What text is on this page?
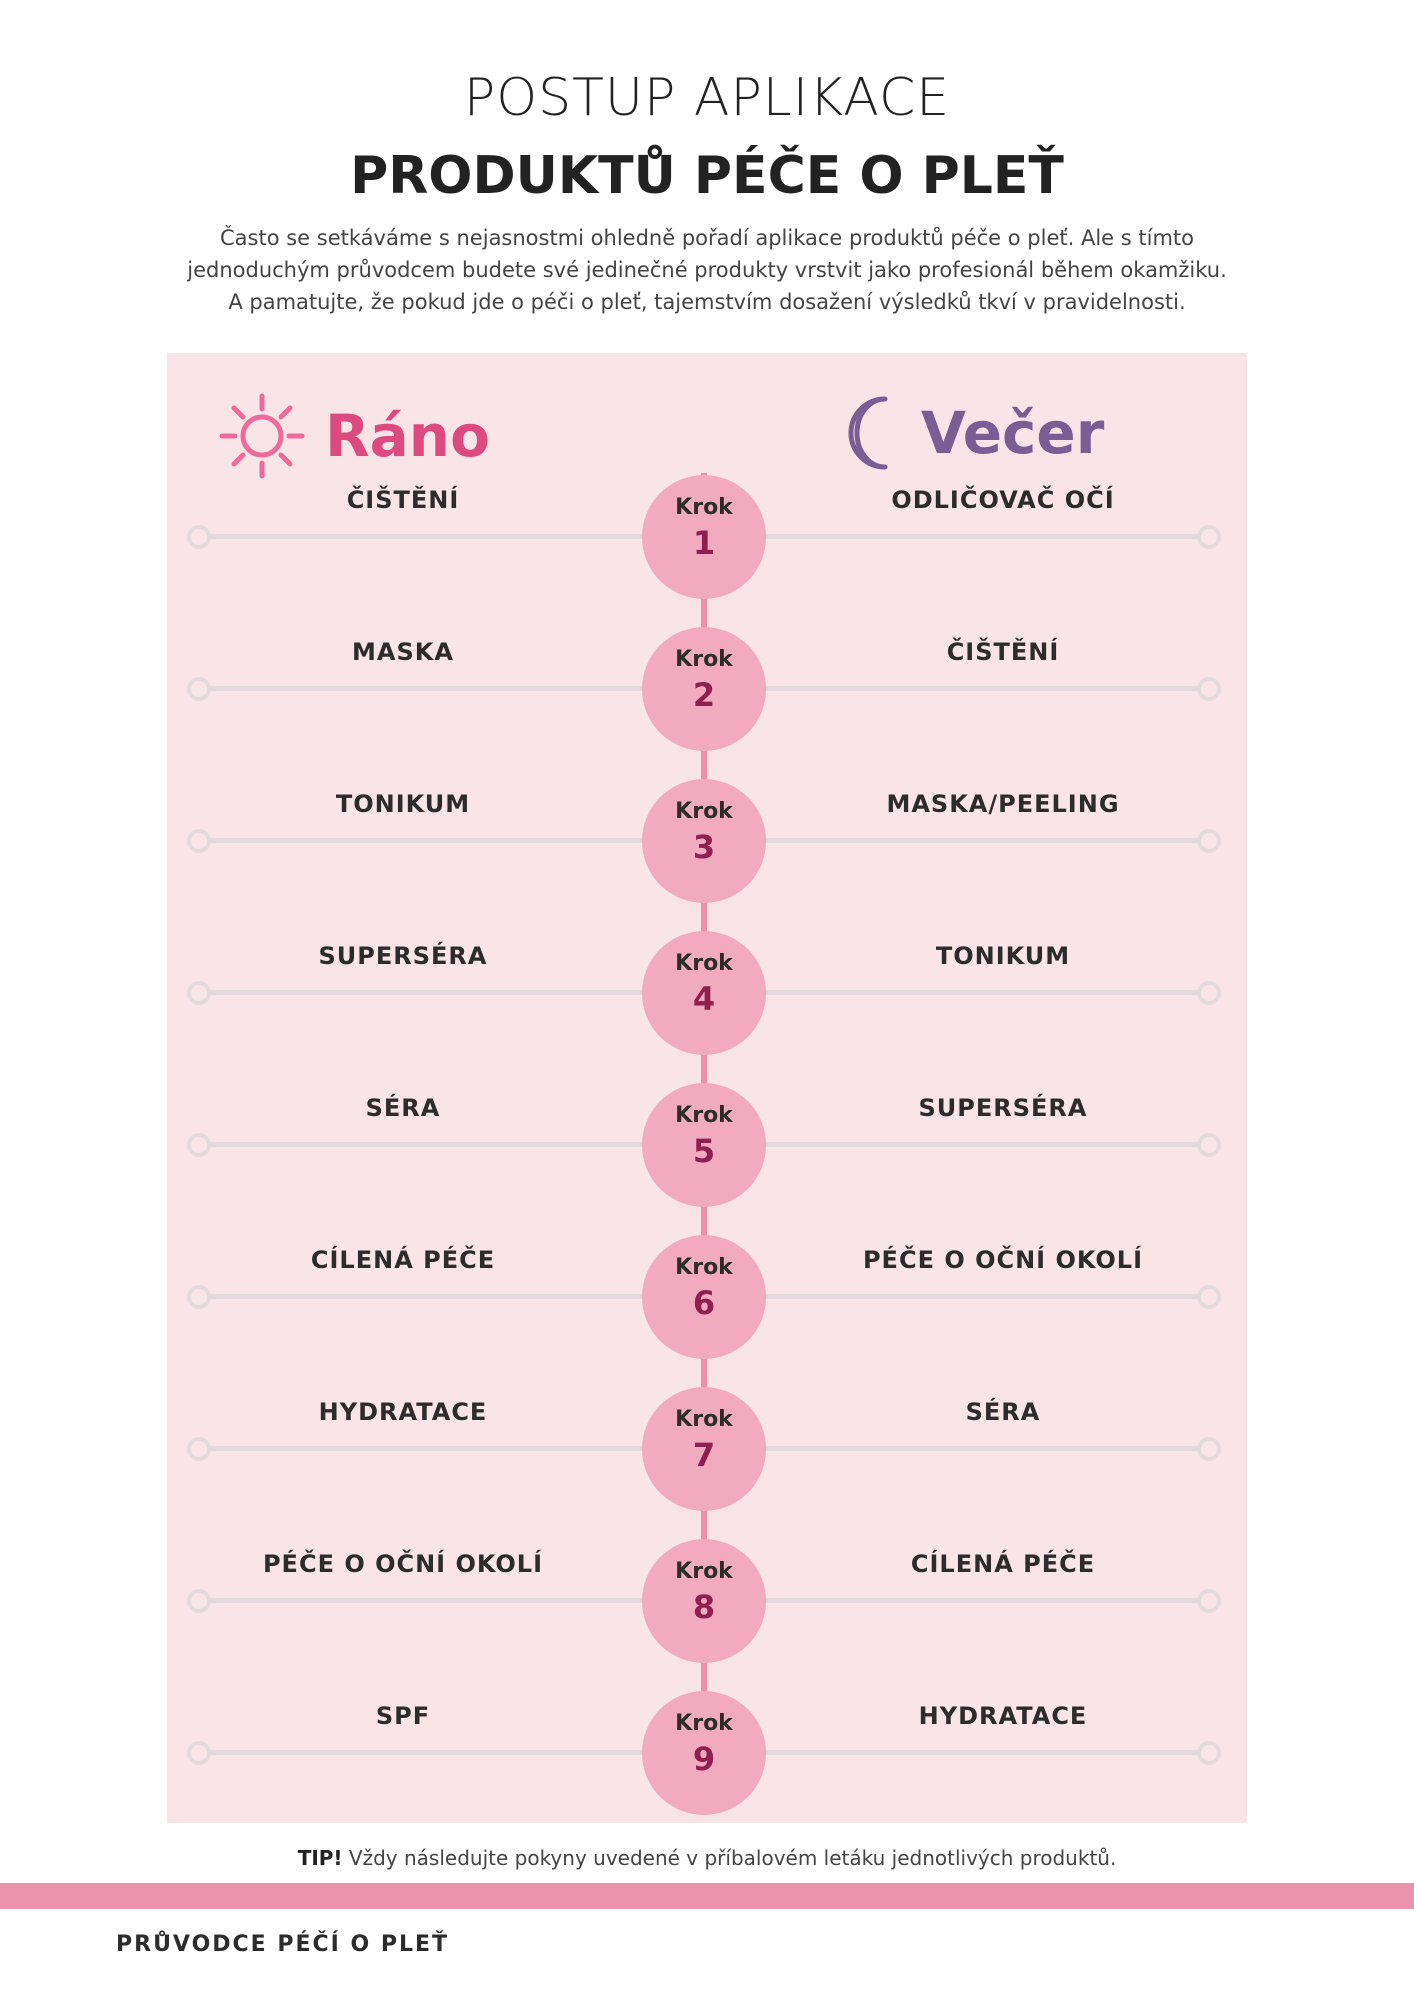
POSTUP APLIKACE
PRODUKTŮ PÉČE O PLEŤ

Často se setkáváme s nejasnostmi ohledně pořadí aplikace produktů péče o pleť. Ale s tímto
jednoduchým průvodcem budete své jedinečné produkty vrstvit jako profesionál během okamžiku.
A pamatujte, že pokud jde o péči o pleť, tajemstvím dosažení výsledků tkví v pravidelnosti.

Ráno	Večer
ČIŠTĚNÍ	ODLIČOVAČ OČÍ
Krok
1
MASKA	ČIŠTĚNÍ
Krok
2
TONIKUM	MASKA/PEELING
Krok
3
SUPERSÉRA	TONIKUM
Krok
4
SÉRA	SUPERSÉRA
Krok
5
CÍLENÁ PÉČE	PÉČE O OČNÍ OKOLÍ
Krok
6
HYDRATACE	SÉRA
Krok
7
PÉČE O OČNÍ OKOLÍ	CÍLENÁ PÉČE
Krok
8
SPF	HYDRATACE
Krok
9
TIP! Vždy následujte pokyny uvedené v příbalovém letáku jednotlivých produktů.
PRŮVODCE PÉČÍ O PLEŤ
